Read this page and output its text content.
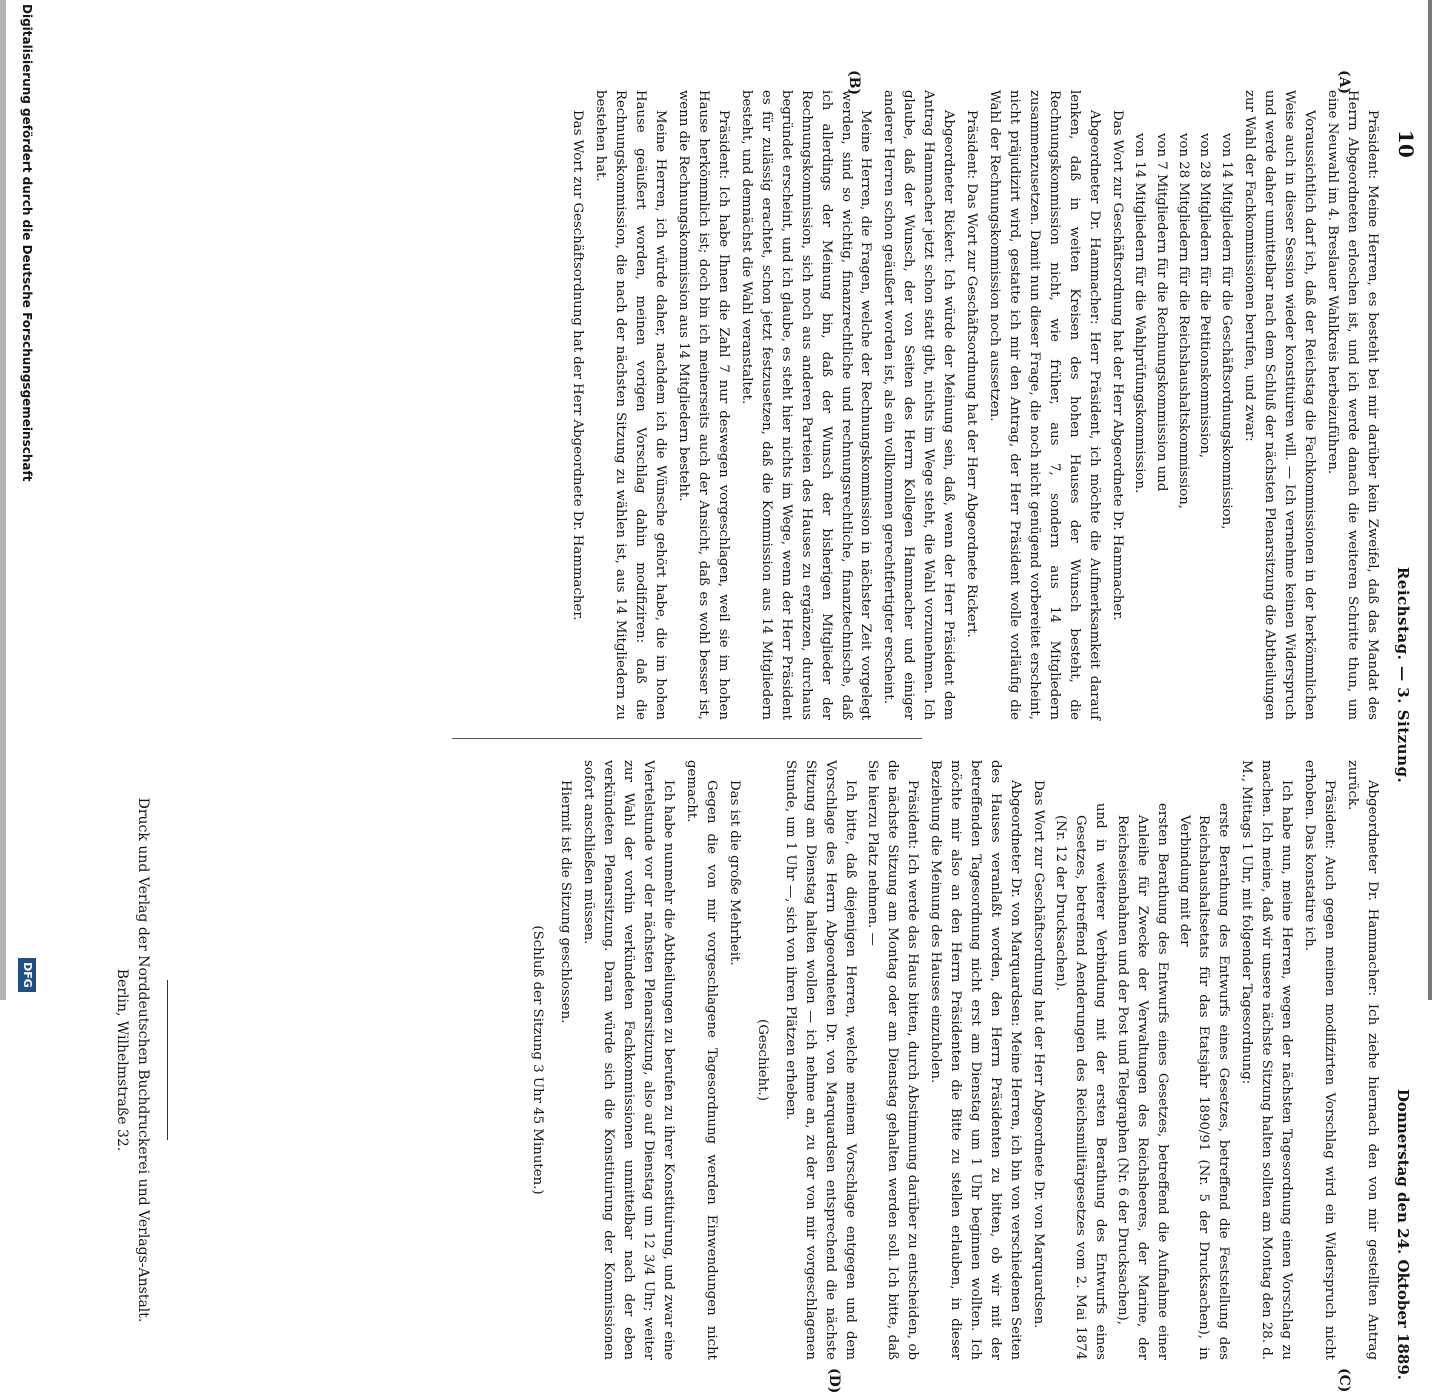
10
Reichstag. — 3. Sitzung.
Donnerstag den 24. Oktober 1889.
(A)
(B)
(C)
(D)

Präsident: Meine Herren, es besteht bei mir darüber kein Zweifel, daß das Mandat des Herrn Abgeordneten erloschen ist, und ich werde danach die weiteren Schritte thun, um eine Neuwahl im 4. Breslauer Wahlkreis herbeizuführen.

Voraussichtlich darf ich, daß der Reichstag die Fachkommissionen in der herkömmlichen Weise auch in dieser Session wieder konstituiren will. — Ich vernehme keinen Widerspruch und werde daher unmittelbar nach dem Schluß der nächsten Plenarsitzung die Abtheilungen zur Wahl der Fachkommissionen berufen, und zwar:

von 14 Mitgliedern für die Geschäftsordnungskommission,
von 28 Mitgliedern für die Petitionskommission,
von 28 Mitgliedern für die Reichshaushaltskommission,
von 7 Mitgliedern für die Rechnungskommission und
von 14 Mitgliedern für die Wahlprüfungskommission.

Das Wort zur Geschäftsordnung hat der Herr Abgeordnete Dr. Hammacher.

Abgeordneter Dr. Hammacher: Herr Präsident, ich möchte die Aufmerksamkeit darauf lenken, daß in weiten Kreisen des hohen Hauses der Wunsch besteht, die Rechnungskommission nicht, wie früher, aus 7, sondern aus 14 Mitgliedern zusammenzusetzen. Damit nun dieser Frage, die noch nicht genügend vorbereitet erscheint, nicht präjudizirt wird, gestatte ich mir den Antrag, der Herr Präsident wolle vorläufig die Wahl der Rechnungskommission noch aussetzen.

Präsident: Das Wort zur Geschäftsordnung hat der Herr Abgeordnete Rickert.

Abgeordneter Rickert: Ich würde der Meinung sein, daß, wenn der Herr Präsident dem Antrag Hammacher jetzt schon statt gibt, nichts im Wege steht, die Wahl vorzunehmen. Ich glaube, daß der Wunsch, der von Seiten des Herrn Kollegen Hammacher und einiger anderer Herren schon geäußert worden ist, als ein vollkommen gerechtfertigter erscheint.

Meine Herren, die Fragen, welche der Rechnungskommission in nächster Zeit vorgelegt werden, sind so wichtig, finanzrechtliche und rechnungsrechtliche, finanztechnische, daß ich allerdings der Meinung bin, daß der Wunsch der bisherigen Mitglieder der Rechnungskommission, sich noch aus anderen Parteien des Hauses zu ergänzen, durchaus begründet erscheint, und ich glaube, es steht hier nichts im Wege, wenn der Herr Präsident es für zulässig erachtet, schon jetzt festzusetzen, daß die Kommission aus 14 Mitgliedern besteht, und demnächst die Wahl veranstaltet.

Präsident: Ich habe Ihnen die Zahl 7 nur deswegen vorgeschlagen, weil sie im hohen Hause herkömmlich ist; doch bin ich meinerseits auch der Ansicht, daß es wohl besser ist, wenn die Rechnungskommission aus 14 Mitgliedern besteht.

Meine Herren, ich würde daher, nachdem ich die Wünsche gehört habe, die im hohen Hause geäußert worden, meinen vorigen Vorschlag dahin modifiziren: daß die Rechnungskommission, die nach der nächsten Sitzung zu wählen ist, aus 14 Mitgliedern zu bestehen hat.

Das Wort zur Geschäftsordnung hat der Herr Abgeordnete Dr. Hammacher.

Abgeordneter Dr. Hammacher: Ich ziehe hiernach den von mir gestellten Antrag zurück.

Präsident: Auch gegen meinen modifizirten Vorschlag wird ein Widerspruch nicht erhoben. Das konstatire ich.

Ich habe nun, meine Herren, wegen der nächsten Tagesordnung einen Vorschlag zu machen. Ich meine, daß wir unsere nächste Sitzung halten sollten am Montag den 28. d. M., Mittags 1 Uhr, mit folgender Tagesordnung:

erste Berathung des Entwurfs eines Gesetzes, betreffend die Feststellung des Reichshaushaltsetats für das Etatsjahr 1890/91 (Nr. 5 der Drucksachen), in Verbindung mit der
ersten Berathung des Entwurfs eines Gesetzes, betreffend die Aufnahme einer Anleihe für Zwecke der Verwaltungen des Reichsheeres, der Marine, der Reichseisenbahnen und der Post und Telegraphen (Nr. 6 der Drucksachen),
und in weiterer Verbindung mit der ersten Berathung des Entwurfs eines Gesetzes, betreffend Aenderungen des Reichsmilitärgesetzes vom 2. Mai 1874 (Nr. 12 der Drucksachen).

Das Wort zur Geschäftsordnung hat der Herr Abgeordnete Dr. von Marquardsen.

Abgeordneter Dr. von Marquardsen: Meine Herren, ich bin von verschiedenen Seiten des Hauses veranlaßt worden, den Herrn Präsidenten zu bitten, ob wir mit der betreffenden Tagesordnung nicht erst am Dienstag um 1 Uhr beginnen wollten. Ich möchte mir also an den Herrn Präsidenten die Bitte zu stellen erlauben, in dieser Beziehung die Meinung des Hauses einzuholen.

Präsident: Ich werde das Haus bitten, durch Abstimmung darüber zu entscheiden, ob die nächste Sitzung am Montag oder am Dienstag gehalten werden soll. Ich bitte, daß Sie hierzu Platz nehmen. —

Ich bitte, daß diejenigen Herren, welche meinem Vorschlage entgegen und dem Vorschlage des Herrn Abgeordneten Dr. von Marquardsen entsprechend die nächste Sitzung am Dienstag halten wollen — ich nehme an, zu der von mir vorgeschlagenen Stunde, um 1 Uhr —, sich von ihren Plätzen erheben.

(Geschieht.)

Das ist die große Mehrheit.

Gegen die von mir vorgeschlagene Tagesordnung werden Einwendungen nicht gemacht.

Ich habe nunmehr die Abtheilungen zu berufen zu ihrer Konstituirung, und zwar eine Viertelstunde vor der nächsten Plenarsitzung, also auf Dienstag um 12 3/4 Uhr; weiter zur Wahl der vorhin verkündeten Fachkommissionen unmittelbar nach der eben verkündeten Plenarsitzung. Daran würde sich die Konstituirung der Kommissionen sofort anschließen müssen.

Hiermit ist die Sitzung geschlossen.

(Schluß der Sitzung 3 Uhr 45 Minuten.)

Druck und Verlag der Norddeutschen Buchdruckerei und Verlags-Anstalt.
Berlin, Wilhelmstraße 32.
Digitalisierung gefördert durch die Deutsche Forschungsgemeinschaft
DFG
